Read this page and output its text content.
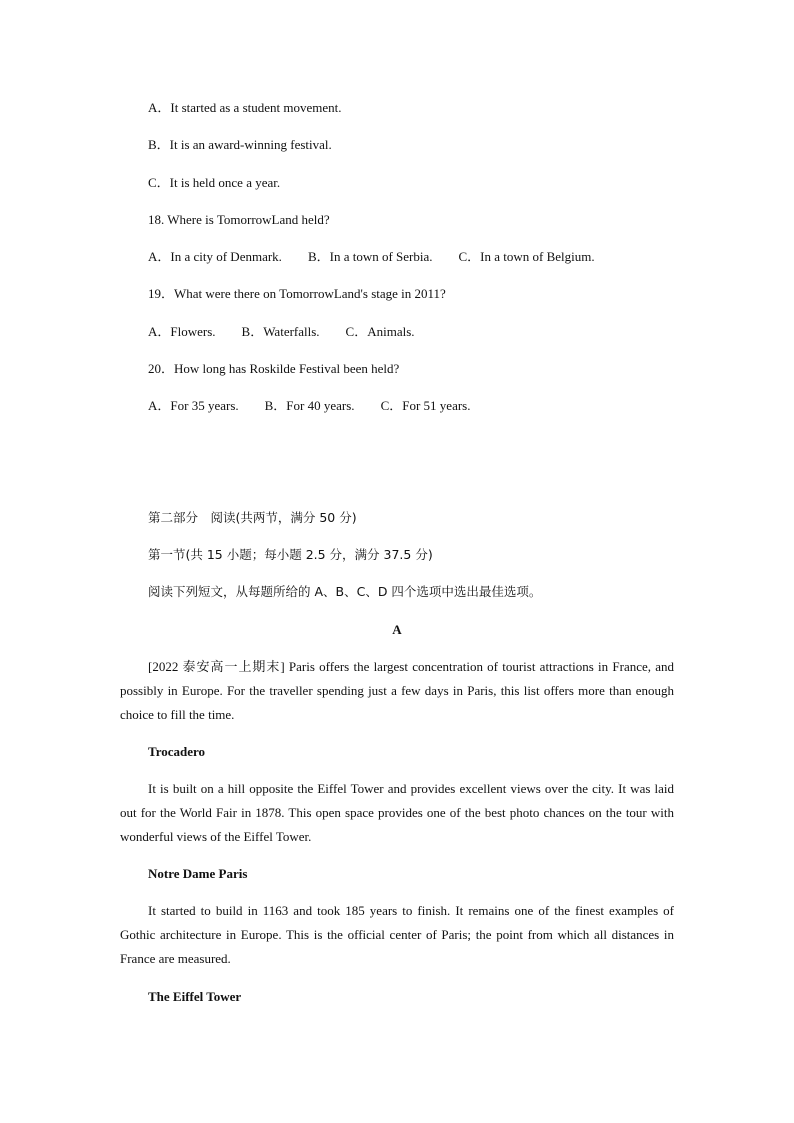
A．It started as a student movement.
B．It is an award-winning festival.
C．It is held once a year.
18. Where is TomorrowLand held?
A．In a city of Denmark. B．In a town of Serbia. C．In a town of Belgium.
19．What were there on TomorrowLand's stage in 2011?
A．Flowers. B．Waterfalls. C．Animals.
20．How long has Roskilde Festival been held?
A．For 35 years. B．For 40 years. C．For 51 years.
第二部分　阅读(共两节，满分 50 分)
第一节(共 15 小题；每小题 2.5 分，满分 37.5 分)
阅读下列短文，从每题所给的 A、B、C、D 四个选项中选出最佳选项。
A

[2022 泰安高一上期末] Paris offers the largest concentration of tourist attractions in France, and possibly in Europe. For the traveller spending just a few days in Paris, this list offers more than enough choice to fill the time.

Trocadero

It is built on a hill opposite the Eiffel Tower and provides excellent views over the city. It was laid out for the World Fair in 1878. This open space provides one of the best photo chances on the tour with wonderful views of the Eiffel Tower.

Notre Dame Paris

It started to build in 1163 and took 185 years to finish. It remains one of the finest examples of Gothic architecture in Europe. This is the official center of Paris; the point from which all distances in France are measured.

The Eiffel Tower
